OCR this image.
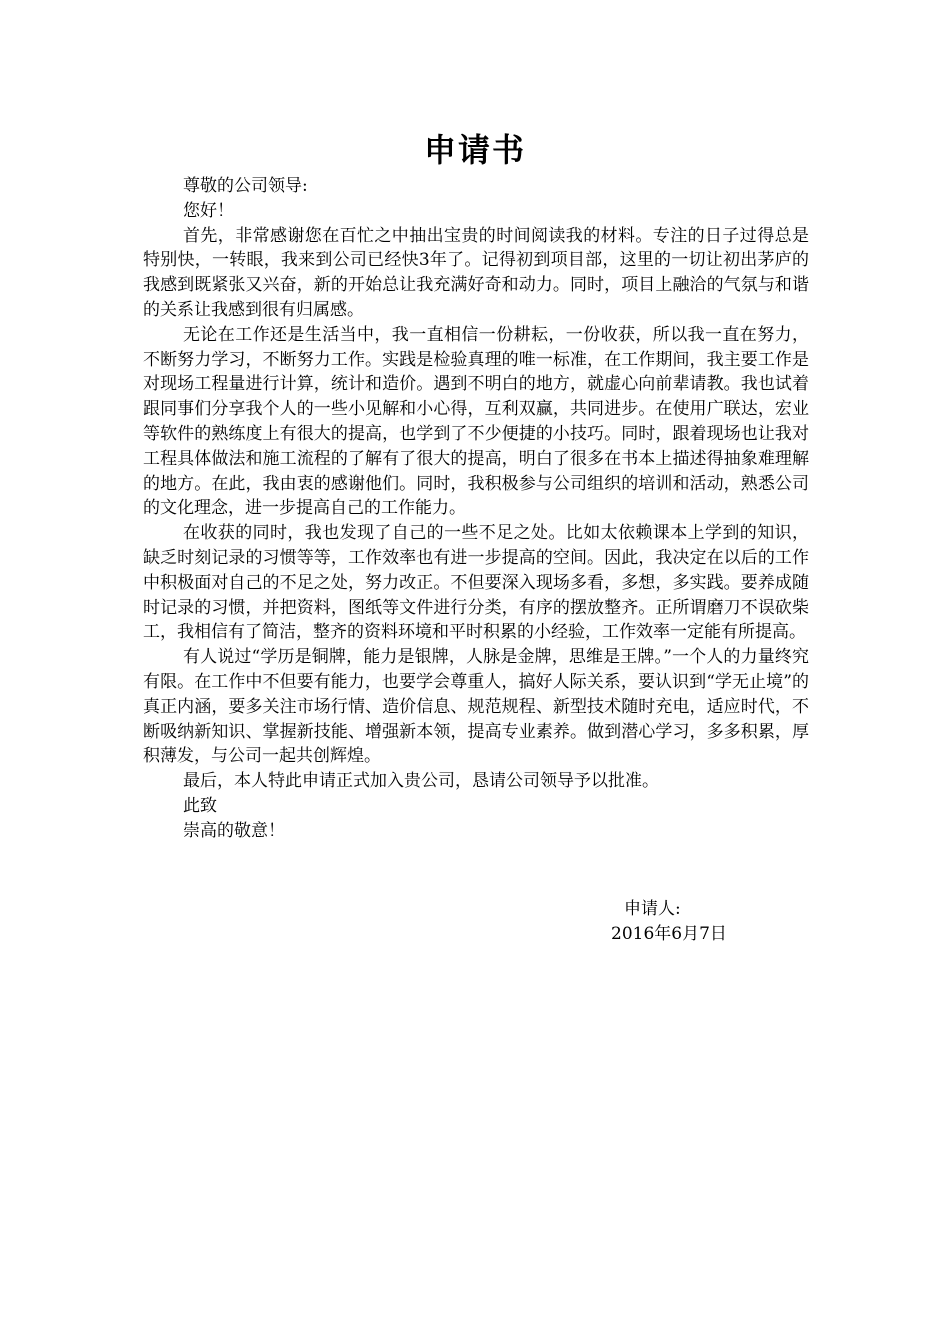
申请书

尊敬的公司领导:

您好！

首先，非常感谢您在百忙之中抽出宝贵的时间阅读我的材料。专注的日子过得总是特别快，一转眼，我来到公司已经快3年了。记得初到项目部，这里的一切让初出茅庐的我感到既紧张又兴奋，新的开始总让我充满好奇和动力。同时，项目上融洽的气氛与和谐的关系让我感到很有归属感。

无论在工作还是生活当中，我一直相信一份耕耘，一份收获，所以我一直在努力，不断努力学习，不断努力工作。实践是检验真理的唯一标准，在工作期间，我主要工作是对现场工程量进行计算，统计和造价。遇到不明白的地方，就虚心向前辈请教。我也试着跟同事们分享我个人的一些小见解和小心得，互利双赢，共同进步。在使用广联达，宏业等软件的熟练度上有很大的提高，也学到了不少便捷的小技巧。同时，跟着现场也让我对工程具体做法和施工流程的了解有了很大的提高，明白了很多在书本上描述得抽象难理解的地方。在此，我由衷的感谢他们。同时，我积极参与公司组织的培训和活动，熟悉公司的文化理念，进一步提高自己的工作能力。

在收获的同时，我也发现了自己的一些不足之处。比如太依赖课本上学到的知识，缺乏时刻记录的习惯等等，工作效率也有进一步提高的空间。因此，我决定在以后的工作中积极面对自己的不足之处，努力改正。不但要深入现场多看，多想，多实践。要养成随时记录的习惯，并把资料，图纸等文件进行分类，有序的摆放整齐。正所谓磨刀不误砍柴工，我相信有了简洁，整齐的资料环境和平时积累的小经验，工作效率一定能有所提高。

有人说过“学历是铜牌，能力是银牌，人脉是金牌，思维是王牌。”一个人的力量终究有限。在工作中不但要有能力，也要学会尊重人，搞好人际关系，要认识到“学无止境”的真正内涵，要多关注市场行情、造价信息、规范规程、新型技术随时充电，适应时代，不断吸纳新知识、掌握新技能、增强新本领，提高专业素养。做到潜心学习，多多积累，厚积薄发，与公司一起共创辉煌。

最后，本人特此申请正式加入贵公司，恳请公司领导予以批准。

此致

崇高的敬意！

申请人:
2016年6月7日
